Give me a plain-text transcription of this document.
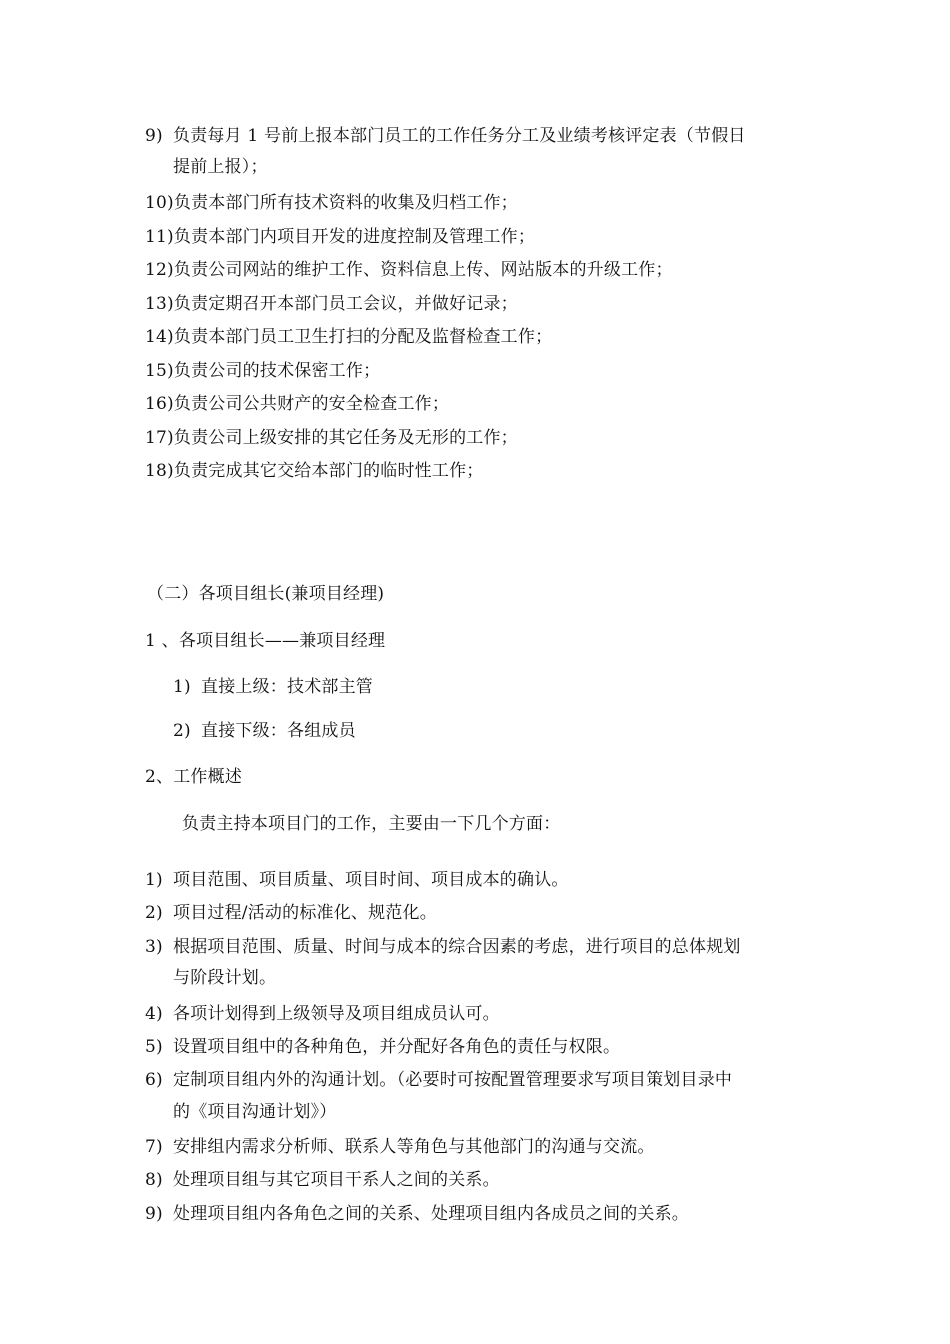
9) 负责每月 1 号前上报本部门员工的工作任务分工及业绩考核评定表（节假日
提前上报）；
10)负责本部门所有技术资料的收集及归档工作；
11)负责本部门内项目开发的进度控制及管理工作；
12)负责公司网站的维护工作、资料信息上传、网站版本的升级工作；
13)负责定期召开本部门员工会议，并做好记录；
14)负责本部门员工卫生打扫的分配及监督检查工作；
15)负责公司的技术保密工作；
16)负责公司公共财产的安全检查工作；
17)负责公司上级安排的其它任务及无形的工作；
18)负责完成其它交给本部门的临时性工作；
（二）各项目组长(兼项目经理)
1 、各项目组长——兼项目经理
1) 直接上级：技术部主管
2) 直接下级：各组成员
2、工作概述
负责主持本项目门的工作，主要由一下几个方面：
1) 项目范围、项目质量、项目时间、项目成本的确认。
2) 项目过程/活动的标准化、规范化。
3) 根据项目范围、质量、时间与成本的综合因素的考虑，进行项目的总体规划
与阶段计划。
4) 各项计划得到上级领导及项目组成员认可。
5) 设置项目组中的各种角色，并分配好各角色的责任与权限。
6) 定制项目组内外的沟通计划。（必要时可按配置管理要求写项目策划目录中
的《项目沟通计划》）
7) 安排组内需求分析师、联系人等角色与其他部门的沟通与交流。
8) 处理项目组与其它项目干系人之间的关系。
9) 处理项目组内各角色之间的关系、处理项目组内各成员之间的关系。
